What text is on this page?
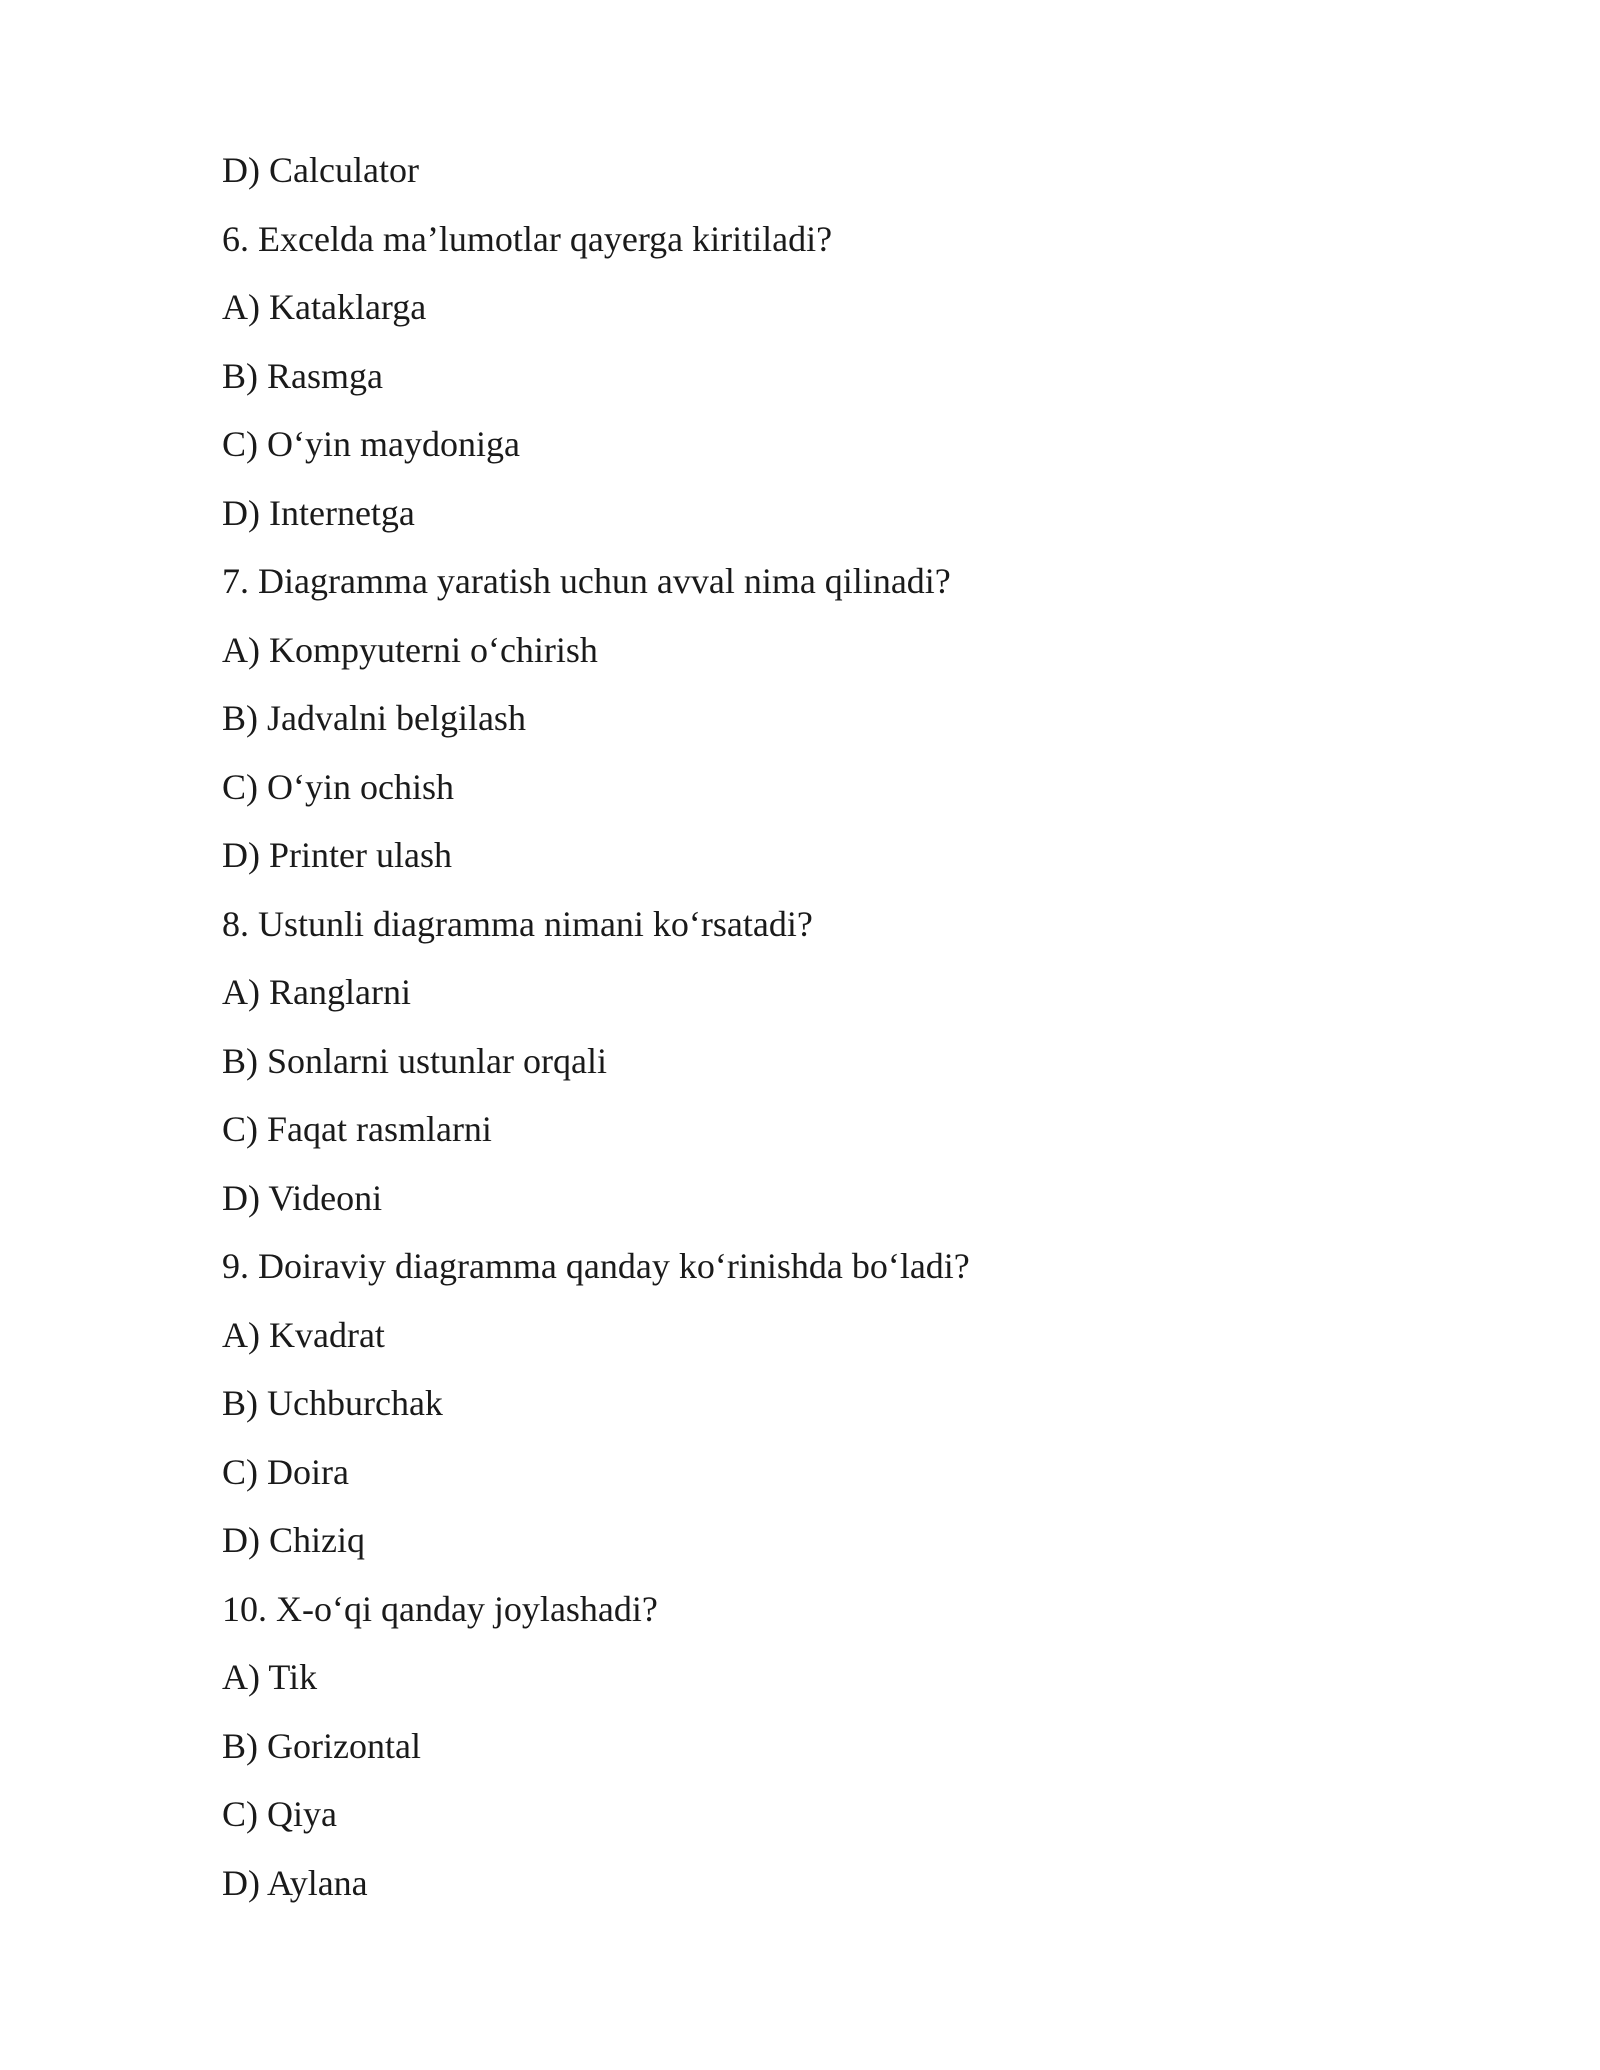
D) Calculator
6. Excelda ma’lumotlar qayerga kiritiladi?
A) Kataklarga
B) Rasmga
C) O‘yin maydoniga
D) Internetga
7. Diagramma yaratish uchun avval nima qilinadi?
A) Kompyuterni o‘chirish
B) Jadvalni belgilash
C) O‘yin ochish
D) Printer ulash
8. Ustunli diagramma nimani ko‘rsatadi?
A) Ranglarni
B) Sonlarni ustunlar orqali
C) Faqat rasmlarni
D) Videoni
9. Doiraviy diagramma qanday ko‘rinishda bo‘ladi?
A) Kvadrat
B) Uchburchak
C) Doira
D) Chiziq
10. X-o‘qi qanday joylashadi?
A) Tik
B) Gorizontal
C) Qiya
D) Aylana
